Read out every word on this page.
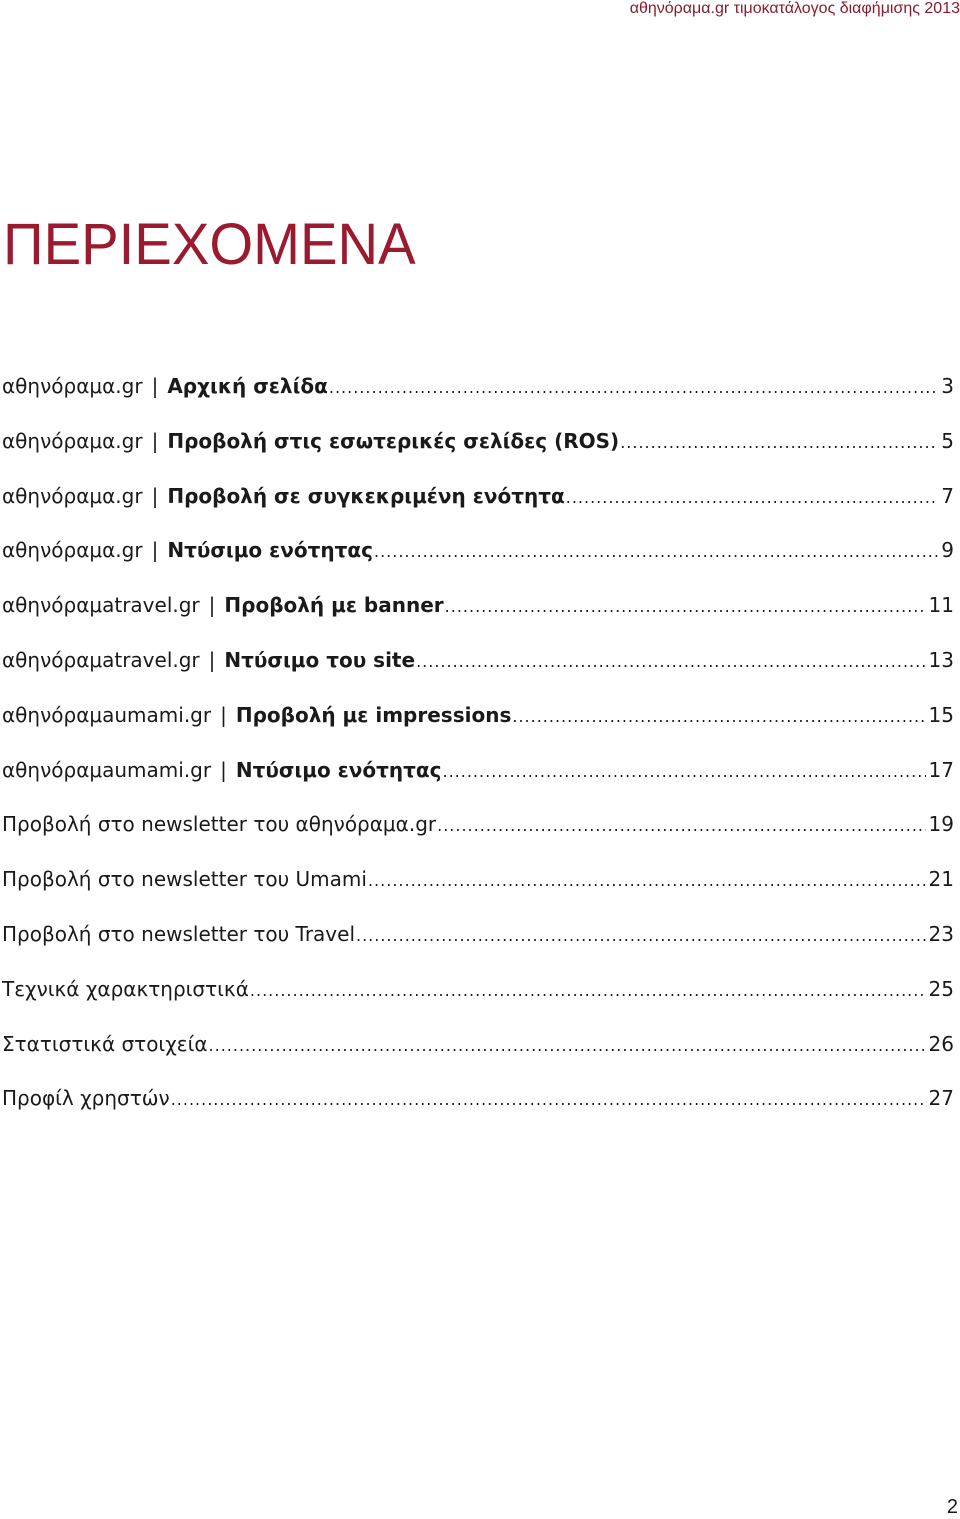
αθηνόραμα.gr τιμοκατάλογος διαφήμισης 2013
ΠΕΡΙΕΧΟΜΕΝΑ
αθηνόραμα.gr | Αρχική σελίδα .....	3
αθηνόραμα.gr | Προβολή στις εσωτερικές σελίδες (ROS) .....	5
αθηνόραμα.gr | Προβολή σε συγκεκριμένη ενότητα .....	7
αθηνόραμα.gr | Ντύσιμο ενότητας .....	9
αθηνόραμatravel.gr | Προβολή με banner .....	11
αθηνόραμatravel.gr | Ντύσιμο του site .....	13
αθηνόραμaumami.gr | Προβολή με impressions .....	15
αθηνόραμaumami.gr | Ντύσιμο ενότητας .....	17
Προβολή στο newsletter του αθηνόραμα.gr .....	19
Προβολή στο newsletter του Umami .....	21
Προβολή στο newsletter του Travel .....	23
Τεχνικά χαρακτηριστικά .....	25
Στατιστικά στοιχεία .....	26
Προφίλ χρηστών .....	27
2
